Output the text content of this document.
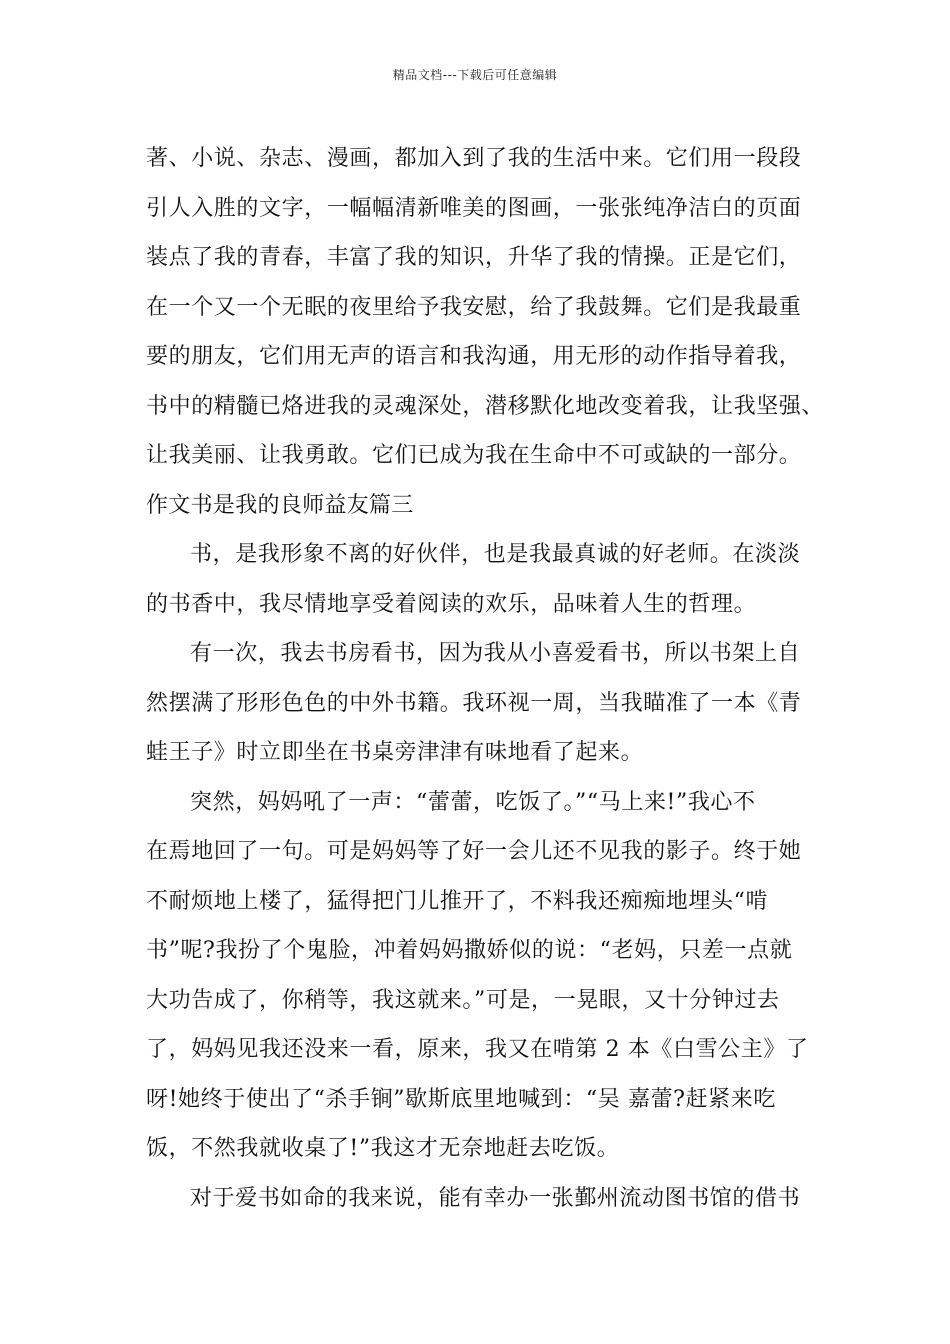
精品文档---下载后可任意编辑
著、小说、杂志、漫画，都加入到了我的生活中来。它们用一段段
引人入胜的文字，一幅幅清新唯美的图画，一张张纯净洁白的页面
装点了我的青春，丰富了我的知识，升华了我的情操。正是它们，
在一个又一个无眠的夜里给予我安慰，给了我鼓舞。它们是我最重
要的朋友，它们用无声的语言和我沟通，用无形的动作指导着我，
书中的精髓已烙进我的灵魂深处，潜移默化地改变着我，让我坚强、
让我美丽、让我勇敢。它们已成为我在生命中不可或缺的一部分。
作文书是我的良师益友篇三
书，是我形象不离的好伙伴，也是我最真诚的好老师。在淡淡
的书香中，我尽情地享受着阅读的欢乐，品味着人生的哲理。
有一次，我去书房看书，因为我从小喜爱看书，所以书架上自
然摆满了形形色色的中外书籍。我环视一周，当我瞄准了一本《青
蛙王子》时立即坐在书桌旁津津有味地看了起来。
突然，妈妈吼了一声：“蕾蕾，吃饭了。”“马上来!”我心不
在焉地回了一句。可是妈妈等了好一会儿还不见我的影子。终于她
不耐烦地上楼了，猛得把门儿推开了，不料我还痴痴地埋头“啃
书”呢?我扮了个鬼脸，冲着妈妈撒娇似的说：“老妈，只差一点就
大功告成了，你稍等，我这就来。”可是，一晃眼，又十分钟过去
了，妈妈见我还没来一看，原来，我又在啃第 2 本《白雪公主》了
呀!她终于使出了“杀手锏”歇斯底里地喊到：“吴 嘉蕾?赶紧来吃
饭，不然我就收桌了!”我这才无奈地赶去吃饭。
对于爱书如命的我来说，能有幸办一张鄞州流动图书馆的借书
